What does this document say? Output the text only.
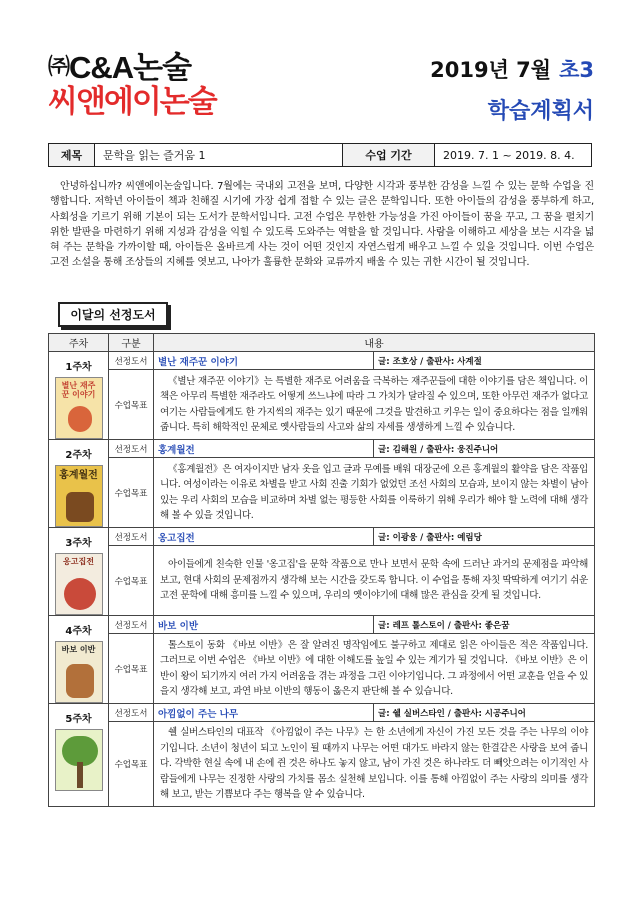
㈜C&A논술
씨앤에이논술
2019년 7월 초3
학습계획서
제목	문학을 읽는 즐거움 1	수업 기간	2019. 7. 1 ~ 2019. 8. 4.

안녕하십니까? 씨앤에이논술입니다. 7월에는 국내외 고전을 보며, 다양한 시각과 풍부한 감성을 느낄 수 있는 문학 수업을 진행합니다. 저학년 아이들이 책과 친해질 시기에 가장 쉽게 접할 수 있는 글은 문학입니다. 또한 아이들의 감성을 풍부하게 하고, 사회성을 기르기 위해 기본이 되는 도서가 문학서입니다. 고전 수업은 무한한 가능성을 가진 아이들이 꿈을 꾸고, 그 꿈을 펼치기 위한 발판을 마련하기 위해 지성과 감성을 익힐 수 있도록 도와주는 역할을 할 것입니다. 사람을 이해하고 세상을 보는 시각을 넓혀 주는 문학을 가까이할 때, 아이들은 올바르게 사는 것이 어떤 것인지 자연스럽게 배우고 느낄 수 있을 것입니다. 이번 수업은 고전 소설을 통해 조상들의 지혜를 엿보고, 나아가 훌륭한 문화와 교류까지 배울 수 있는 귀한 시간이 될 것입니다.

이달의 선정도서
주차	구분	내용	

1주차
별난 재주꾼 이야기	선정도서	별난 재주꾼 이야기	글: 조호상 / 출판사: 사계절
	수업목표	《별난 재주꾼 이야기》는 특별한 재주로 어려움을 극복하는 재주꾼들에 대한 이야기를 담은 책입니다. 이 책은 아무리 특별한 재주라도 어떻게 쓰느냐에 따라 그 가치가 달라질 수 있으며, 또한 아무런 재주가 없다고 여기는 사람들에게도 한 가지씩의 재주는 있기 때문에 그것을 발견하고 키우는 일이 중요하다는 점을 일깨워 줍니다. 특히 해학적인 문체로 옛사람들의 사고와 삶의 자세를 생생하게 느낄 수 있습니다.	

2주차
홍계월전	선정도서	홍계월전	글: 김해원 / 출판사: 웅진주니어
	수업목표	《홍계월전》은 여자이지만 남자 옷을 입고 글과 무예를 배워 대장군에 오른 홍계월의 활약을 담은 작품입니다. 여성이라는 이유로 차별을 받고 사회 진출 기회가 없었던 조선 사회의 모습과, 보이지 않는 차별이 남아 있는 우리 사회의 모습을 비교하며 차별 없는 평등한 사회를 이룩하기 위해 우리가 해야 할 노력에 대해 생각해 볼 수 있을 것입니다.	

3주차
옹고집전	선정도서	옹고집전	글: 이광웅 / 출판사: 예림당
	수업목표	아이들에게 친숙한 인물 '옹고집'을 문학 작품으로 만나 보면서 문학 속에 드러난 과거의 문제점을 파악해 보고, 현대 사회의 문제점까지 생각해 보는 시간을 갖도록 합니다. 이 수업을 통해 자칫 딱딱하게 여기기 쉬운 고전 문학에 대해 흥미를 느낄 수 있으며, 우리의 옛이야기에 대해 많은 관심을 갖게 될 것입니다.	

4주차
바보 이반	선정도서	바보 이반	글: 레프 톨스토이 / 출판사: 좋은꿈
	수업목표	톨스토이 동화 《바보 이반》은 잘 알려진 명작임에도 불구하고 제대로 읽은 아이들은 적은 작품입니다. 그러므로 이번 수업은 《바보 이반》에 대한 이해도를 높일 수 있는 계기가 될 것입니다. 《바보 이반》은 이반이 왕이 되기까지 여러 가지 어려움을 겪는 과정을 그린 이야기입니다. 그 과정에서 어떤 교훈을 얻을 수 있을지 생각해 보고, 과연 바보 이반의 행동이 옳은지 판단해 볼 수 있습니다.	

5주차	선정도서	아낌없이 주는 나무	글: 쉘 실버스타인 / 출판사: 시공주니어
	수업목표	쉘 실버스타인의 대표작 《아낌없이 주는 나무》는 한 소년에게 자신이 가진 모든 것을 주는 나무의 이야기입니다. 소년이 청년이 되고 노인이 될 때까지 나무는 어떤 대가도 바라지 않는 한결같은 사랑을 보여 줍니다. 각박한 현실 속에 내 손에 쥔 것은 하나도 놓지 않고, 남이 가진 것은 하나라도 더 빼앗으려는 이기적인 사람들에게 나무는 진정한 사랑의 가치를 몸소 실천해 보입니다. 이를 통해 아낌없이 주는 사랑의 의미를 생각해 보고, 받는 기쁨보다 주는 행복을 알 수 있습니다.	
